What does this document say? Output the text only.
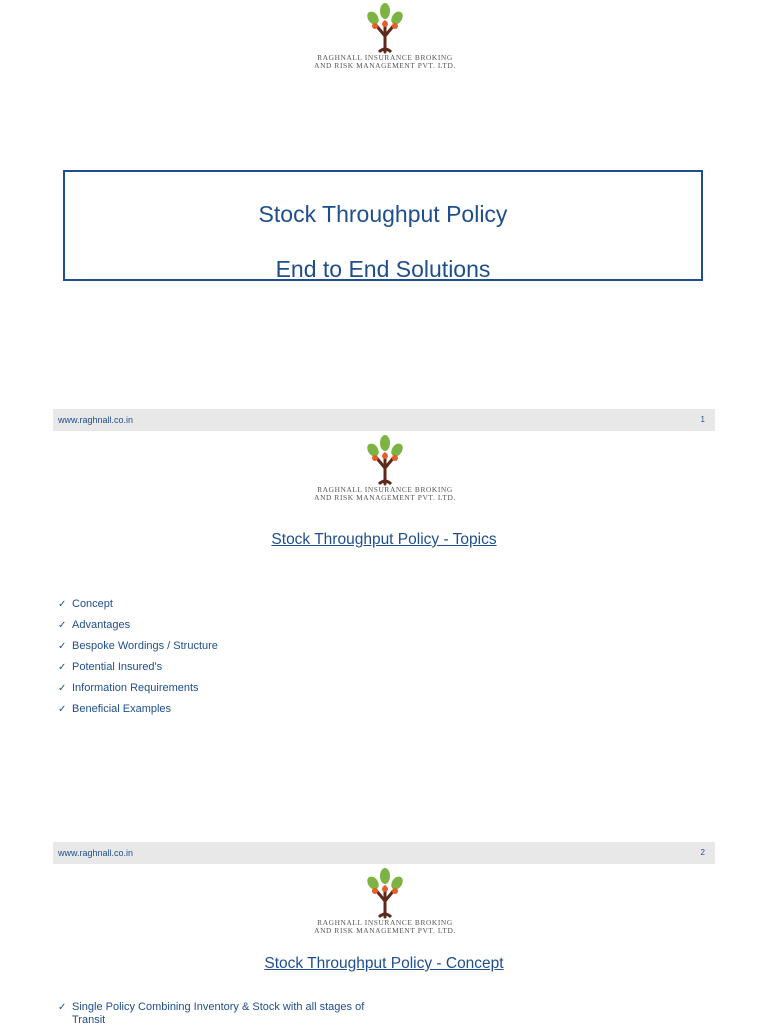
RAGHNALL INSURANCE BROKING
AND RISK MANAGEMENT PVT. LTD.
Stock Throughput Policy
End to End Solutions
www.raghnall.co.in	1
RAGHNALL INSURANCE BROKING
AND RISK MANAGEMENT PVT. LTD.
Stock Throughput Policy - Topics
✓ Concept
✓ Advantages
✓ Bespoke Wordings / Structure
✓ Potential Insured's
✓ Information Requirements
✓ Beneficial Examples
www.raghnall.co.in	2
RAGHNALL INSURANCE BROKING
AND RISK MANAGEMENT PVT. LTD.
Stock Throughput Policy - Concept
✓ Single Policy Combining Inventory & Stock with all stages of Transit
